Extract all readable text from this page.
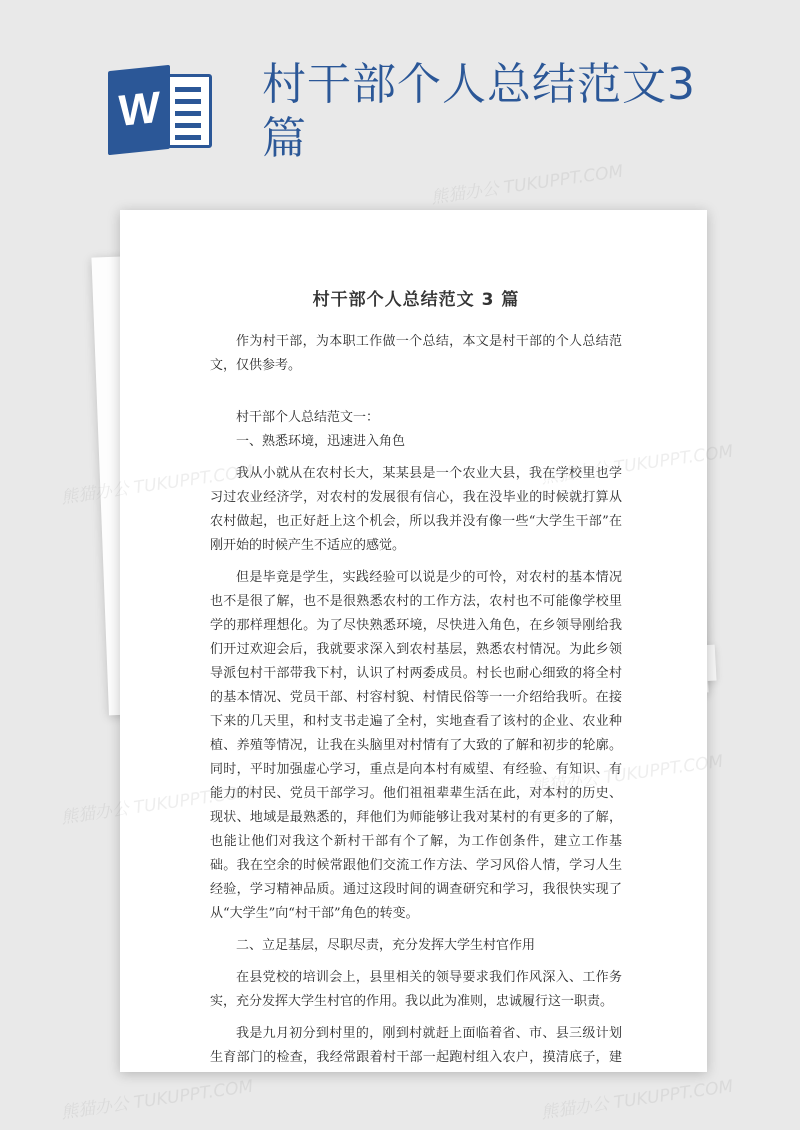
W 村干部个人总结范文3篇

村干部个人总结范文 3 篇

作为村干部，为本职工作做一个总结，本文是村干部的个人总结范文，仅供参考。

村干部个人总结范文一：

一、熟悉环境，迅速进入角色

我从小就从在农村长大，某某县是一个农业大县，我在学校里也学习过农业经济学，对农村的发展很有信心，我在没毕业的时候就打算从农村做起，也正好赶上这个机会，所以我并没有像一些“大学生干部”在刚开始的时候产生不适应的感觉。

但是毕竟是学生，实践经验可以说是少的可怜，对农村的基本情况也不是很了解，也不是很熟悉农村的工作方法，农村也不可能像学校里学的那样理想化。为了尽快熟悉环境，尽快进入角色，在乡领导刚给我们开过欢迎会后，我就要求深入到农村基层，熟悉农村情况。为此乡领导派包村干部带我下村，认识了村两委成员。村长也耐心细致的将全村的基本情况、党员干部、村容村貌、村情民俗等一一介绍给我听。在接下来的几天里，和村支书走遍了全村，实地查看了该村的企业、农业种植、养殖等情况，让我在头脑里对村情有了大致的了解和初步的轮廓。同时，平时加强虚心学习，重点是向本村有威望、有经验、有知识、有能力的村民、党员干部学习。他们祖祖辈辈生活在此，对本村的历史、现状、地域是最熟悉的，拜他们为师能够让我对某村的有更多的了解，也能让他们对我这个新村干部有个了解，为工作创条件，建立工作基础。我在空余的时候常跟他们交流工作方法、学习风俗人情，学习人生经验，学习精神品质。通过这段时间的调查研究和学习，我很快实现了从“大学生”向“村干部”角色的转变。

二、立足基层，尽职尽责，充分发挥大学生村官作用

在县党校的培训会上，县里相关的领导要求我们作风深入、工作务实，充分发挥大学生村官的作用。我以此为准则，忠诚履行这一职责。

我是九月初分到村里的，刚到村就赶上面临着省、市、县三级计划生育部门的检查，我经常跟着村干部一起跑村组入农户，摸清底子，建

熊猫办公 TUKUPPT.COM
熊猫办公
熊猫办公
熊猫办公 TUKUPPT.COM	熊猫办公 TUKUPPT.COM
